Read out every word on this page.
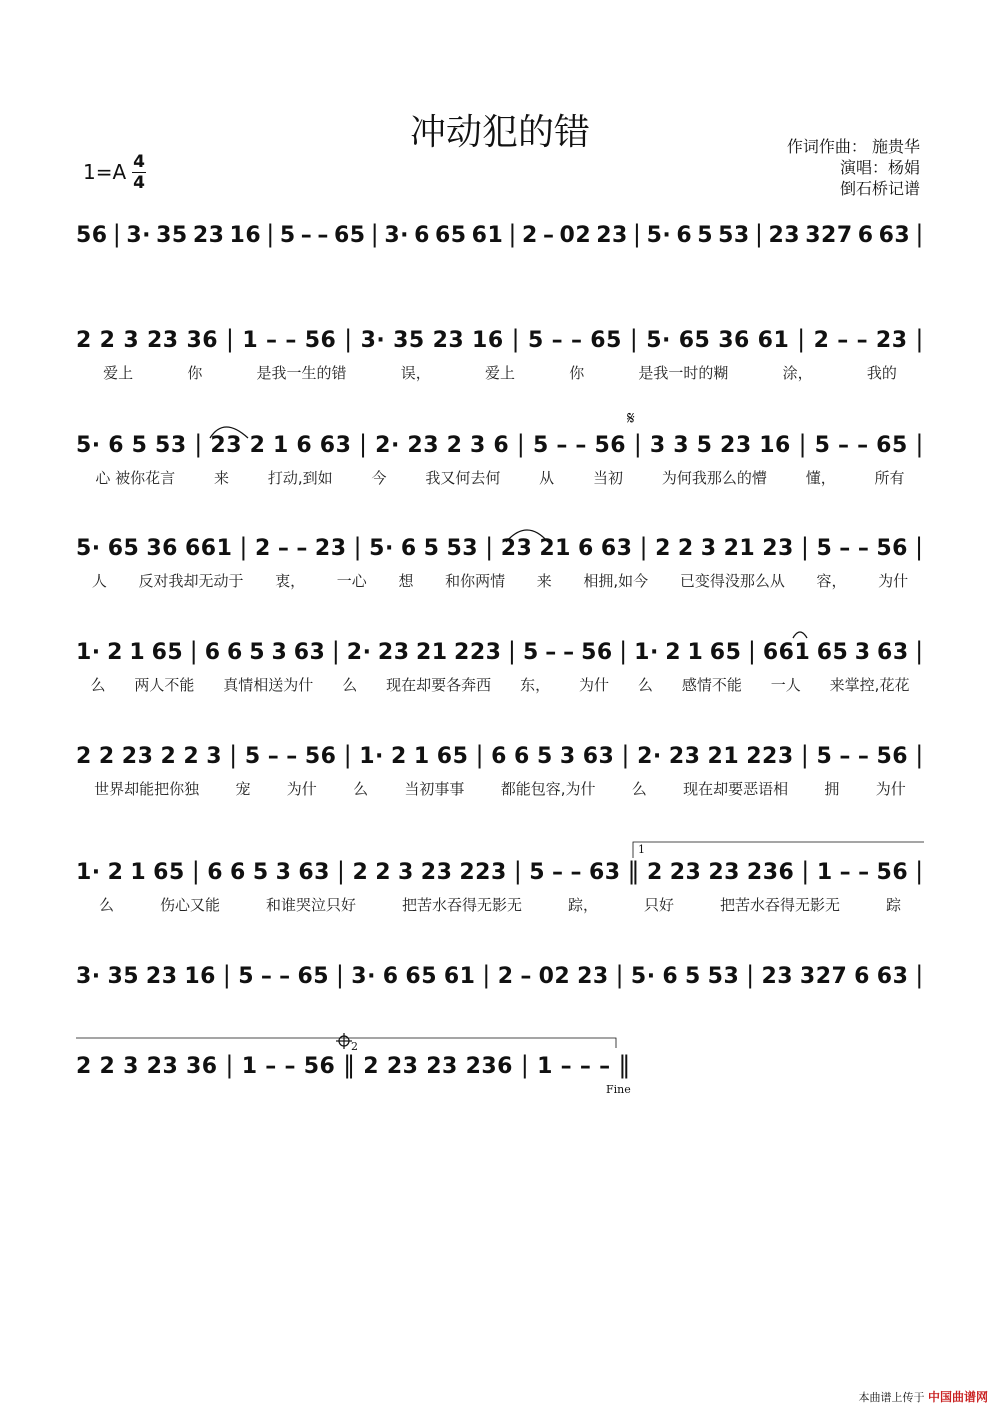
冲动犯的错
1=A 4
4
作词作曲： 施贵华
演唱：杨娟
倒石桥记谱
56 | 3· 35 23 16 | 5 – – 65 | 3· 6 65 61 | 2 – 02 23 | 5· 6 5 53 | 23 327 6 63 |
2 2 3 23 36 | 1 – – 56 | 3· 35 23 16 | 5 – – 65 | 5· 65 36 61 | 2 – – 23 |
爱上	你	是我一生的错	误，	爱上	你	是我一时的糊	涂，	我的
5· 6 5 53 | 23 2 1 6 63 | 2· 23 2 3 6 | 5 – – 56 | 3 3 5 23 16 | 5 – – 65 |
心 被你花言	来	打动,到如	今	我又何去何	从	当初	为何我那么的懵	懂，	所有
5· 65 36 661 | 2 – – 23 | 5· 6 5 53 | 23 21 6 63 | 2 2 3 21 23 | 5 – – 56 |
人 反对我却无动于 衷， 一心 想 和你两情 来 相拥,如今 已变得没那么从 容， 为什
1· 2 1 65 | 6 6 5 3 63 | 2· 23 21 223 | 5 – – 56 | 1· 2 1 65 | 661 65 3 63 |
么 两人不能 真情相送为什 么 现在却要各奔西 东， 为什 么 感情不能 一人 来掌控,花花
2 2 23 2 2 3 | 5 – – 56 | 1· 2 1 65 | 6 6 5 3 63 | 2· 23 21 223 | 5 – – 56 |
世界却能把你独 宠 为什 么 当初事事 都能包容,为什 么 现在却要恶语相 拥 为什
1· 2 1 65 | 6 6 5 3 63 | 2 2 3 23 223 | 5 – – 63 ‖ 2 23 23 236 | 1 – – 56 |
么	伤心又能	和谁哭泣只好	把苦水吞得无影无	踪，	只好	把苦水吞得无影无	踪
3· 35 23 16 | 5 – – 65 | 3· 6 65 61 | 2 – 02 23 | 5· 6 5 53 | 23 327 6 63 |
2 2 3 23 36 | 1 – – 56 ‖ 2 23 23 236 | 1 – – – ‖
𝄋
1
2
Fine
本曲谱上传于 中国曲谱网
